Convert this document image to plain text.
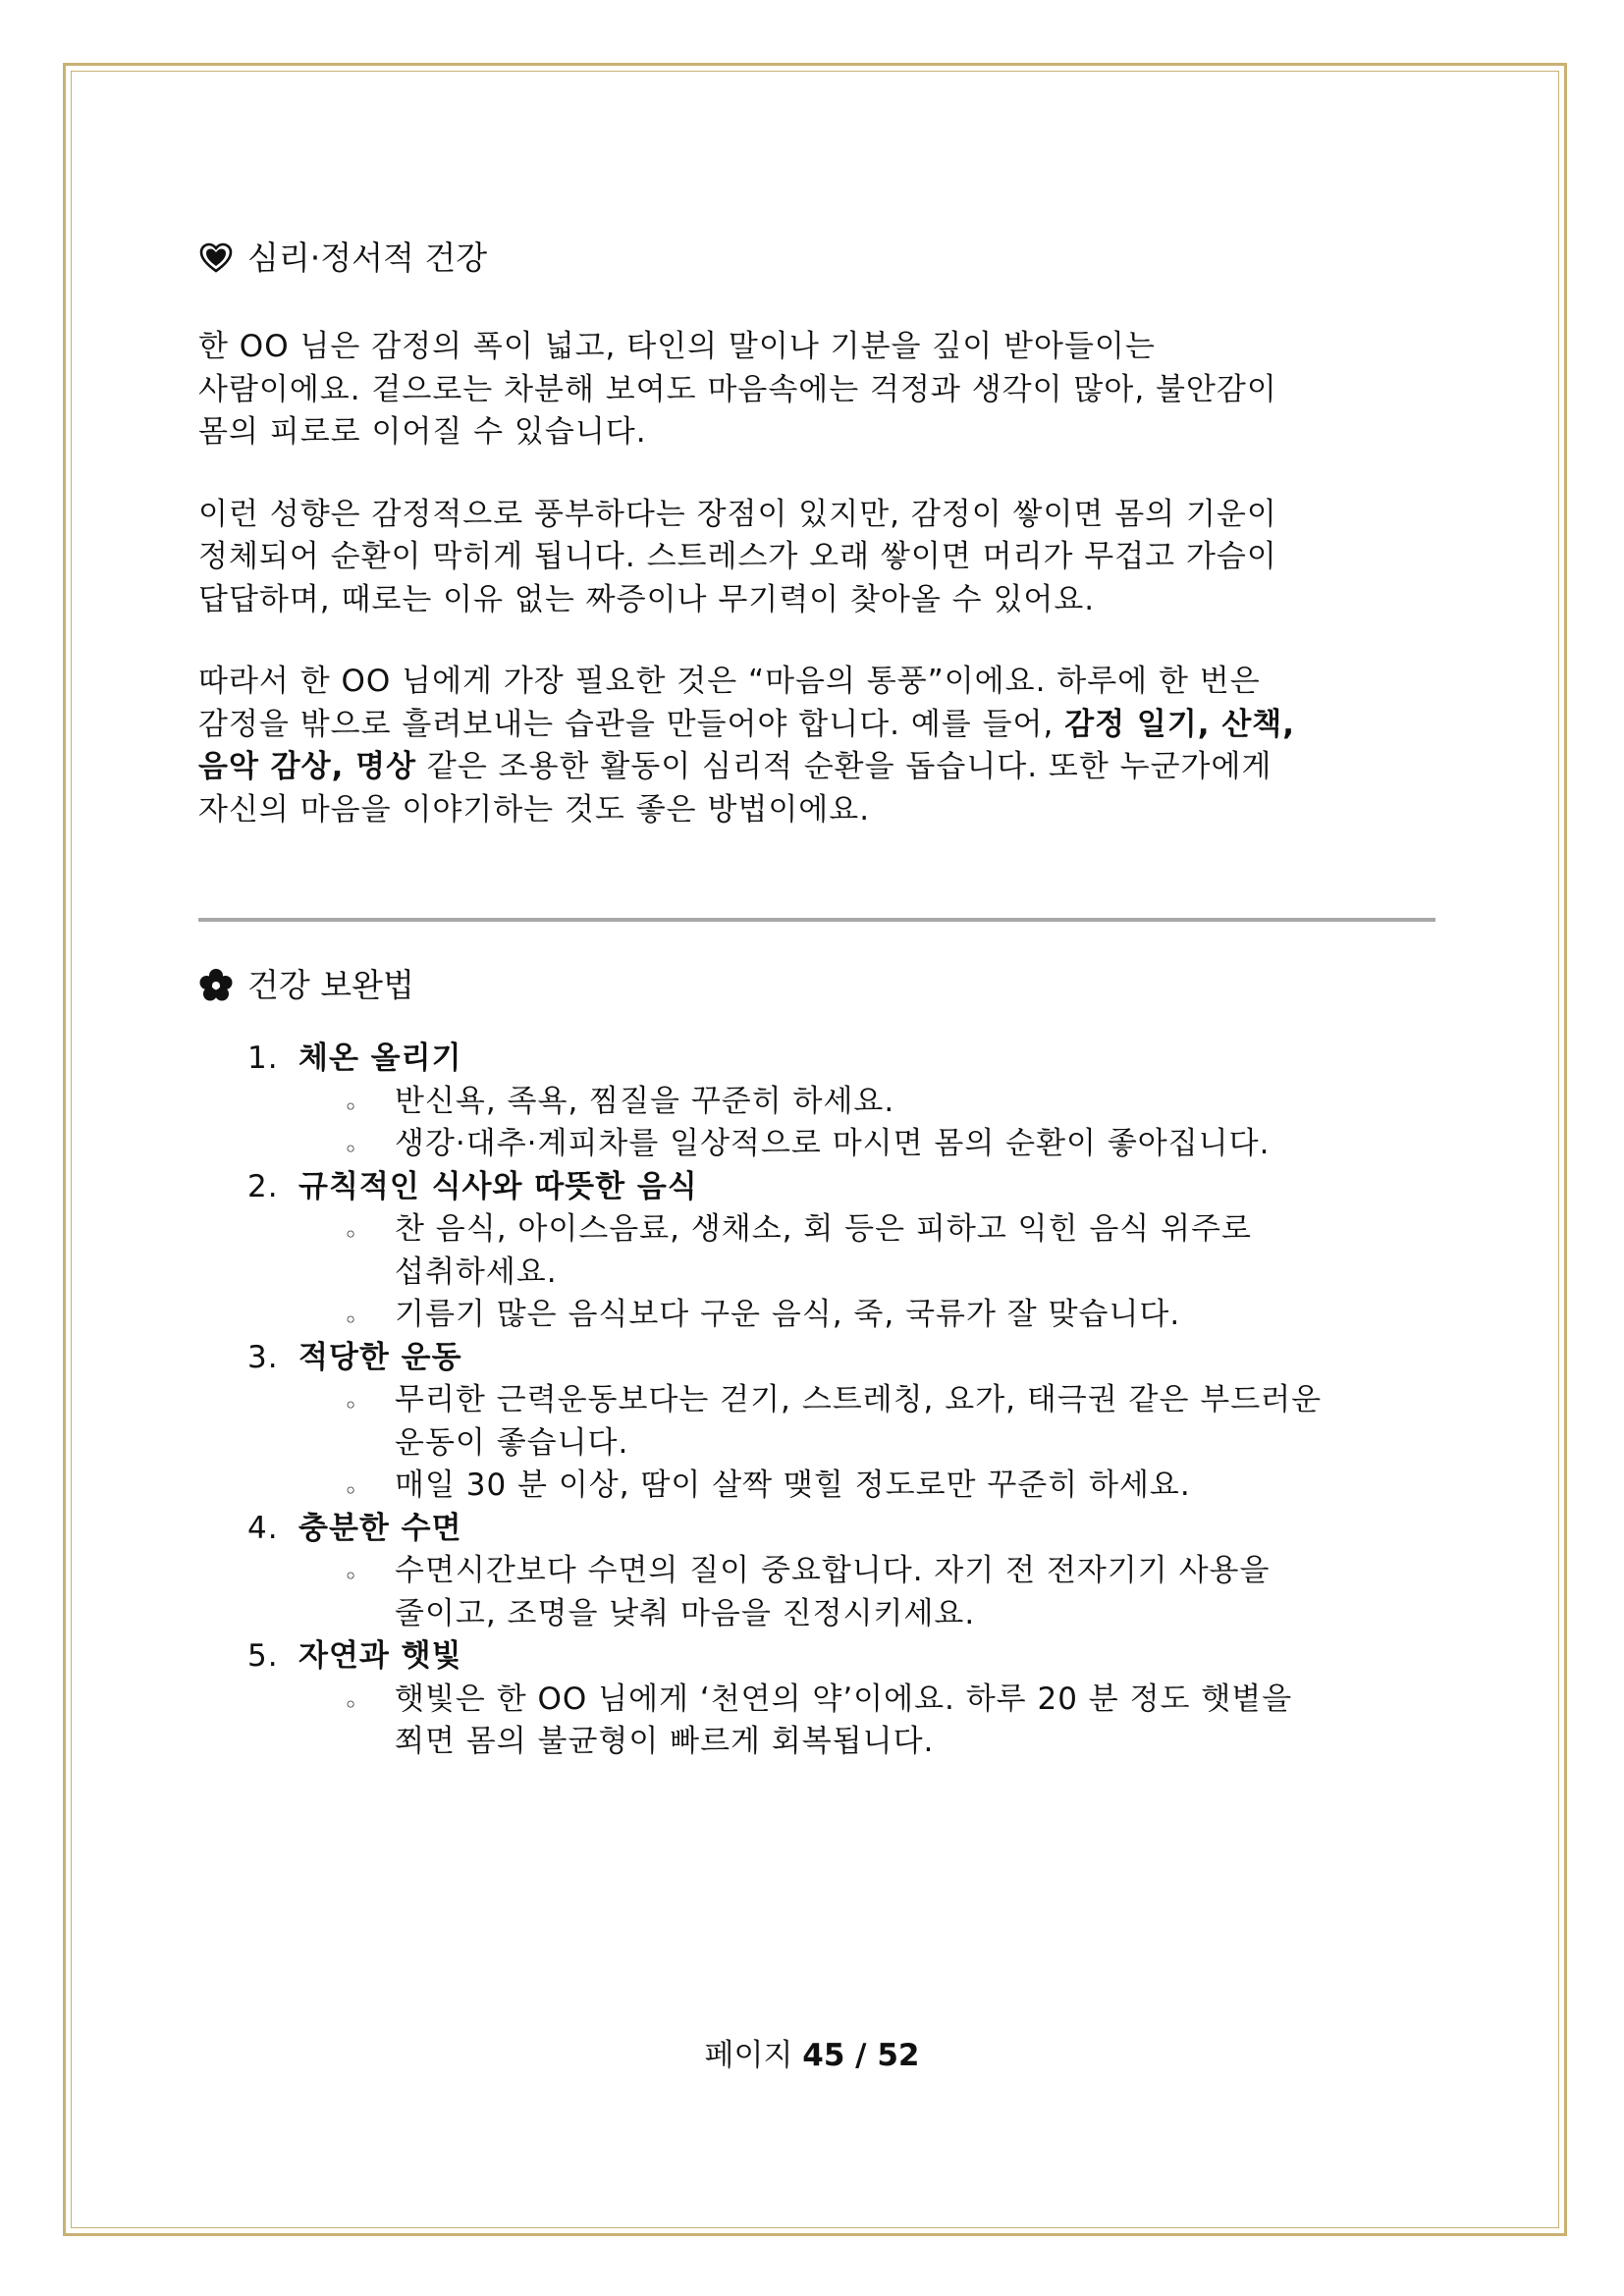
심리·정서적 건강

한 OO 님은 감정의 폭이 넓고, 타인의 말이나 기분을 깊이 받아들이는
사람이에요. 겉으로는 차분해 보여도 마음속에는 걱정과 생각이 많아, 불안감이
몸의 피로로 이어질 수 있습니다.

이런 성향은 감정적으로 풍부하다는 장점이 있지만, 감정이 쌓이면 몸의 기운이
정체되어 순환이 막히게 됩니다. 스트레스가 오래 쌓이면 머리가 무겁고 가슴이
답답하며, 때로는 이유 없는 짜증이나 무기력이 찾아올 수 있어요.

따라서 한 OO 님에게 가장 필요한 것은 “마음의 통풍”이에요. 하루에 한 번은
감정을 밖으로 흘려보내는 습관을 만들어야 합니다. 예를 들어, 감정 일기, 산책,
음악 감상, 명상 같은 조용한 활동이 심리적 순환을 돕습니다. 또한 누군가에게
자신의 마음을 이야기하는 것도 좋은 방법이에요.

건강 보완법
1. 체온 올리기
◦ 반신욕, 족욕, 찜질을 꾸준히 하세요.
◦ 생강·대추·계피차를 일상적으로 마시면 몸의 순환이 좋아집니다.
2. 규칙적인 식사와 따뜻한 음식
◦ 찬 음식, 아이스음료, 생채소, 회 등은 피하고 익힌 음식 위주로
섭취하세요.
◦ 기름기 많은 음식보다 구운 음식, 죽, 국류가 잘 맞습니다.
3. 적당한 운동
◦ 무리한 근력운동보다는 걷기, 스트레칭, 요가, 태극권 같은 부드러운
운동이 좋습니다.
◦ 매일 30 분 이상, 땀이 살짝 맺힐 정도로만 꾸준히 하세요.
4. 충분한 수면
◦ 수면시간보다 수면의 질이 중요합니다. 자기 전 전자기기 사용을
줄이고, 조명을 낮춰 마음을 진정시키세요.
5. 자연과 햇빛
◦ 햇빛은 한 OO 님에게 ‘천연의 약’이에요. 하루 20 분 정도 햇볕을
쬐면 몸의 불균형이 빠르게 회복됩니다.
페이지 45 / 52
